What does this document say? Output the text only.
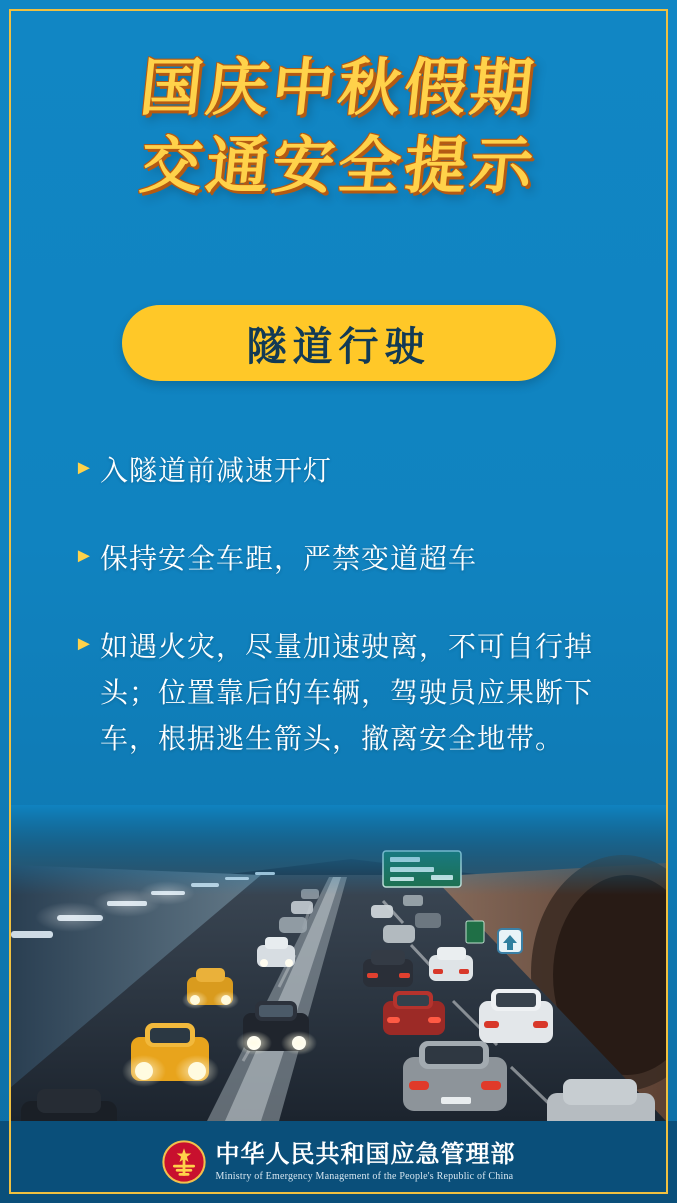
国庆中秋假期
交通安全提示
隧道行驶
► 入隧道前减速开灯
► 保持安全车距，严禁变道超车
► 如遇火灾，尽量加速驶离，不可自行掉头；位置靠后的车辆，驾驶员应果断下车，根据逃生箭头，撤离安全地带。
中华人民共和国应急管理部
Ministry of Emergency Management of the People's Republic of China
